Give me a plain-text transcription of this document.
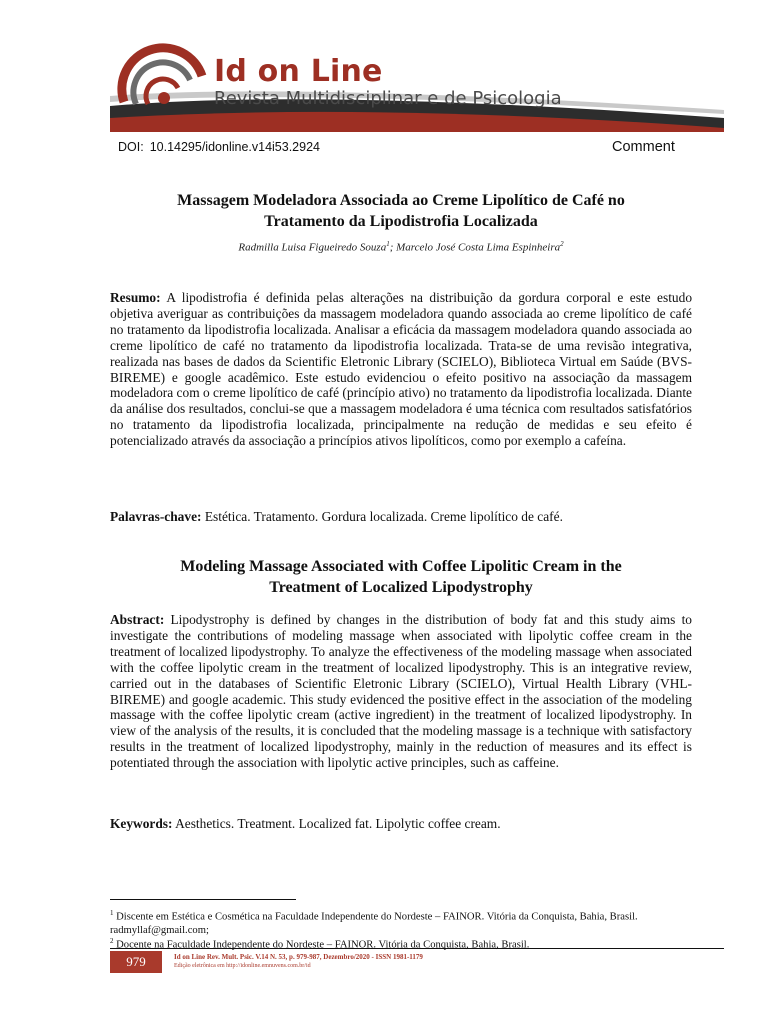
Id on Line
Revista Multidisciplinar e de Psicologia
DOI: 10.14295/idonline.v14i53.2924	Comment
Massagem Modeladora Associada ao Creme Lipolítico de Café no
Tratamento da Lipodistrofia Localizada
Radmilla Luisa Figueiredo Souza$^1$; Marcelo José Costa Lima Espinheira$^2$
Resumo: A lipodistrofia é definida pelas alterações na distribuição da gordura corporal e este estudo objetiva averiguar as contribuições da massagem modeladora quando associada ao creme lipolítico de café no tratamento da lipodistrofia localizada. Analisar a eficácia da massagem modeladora quando associada ao creme lipolítico de café no tratamento da lipodistrofia localizada. Trata-se de uma revisão integrativa, realizada nas bases de dados da Scientific Eletronic Library (SCIELO), Biblioteca Virtual em Saúde (BVS-BIREME) e google acadêmico. Este estudo evidenciou o efeito positivo na associação da massagem modeladora com o creme lipolítico de café (princípio ativo) no tratamento da lipodistrofia localizada. Diante da análise dos resultados, conclui-se que a massagem modeladora é uma técnica com resultados satisfatórios no tratamento da lipodistrofia localizada, principalmente na redução de medidas e seu efeito é potencializado através da associação a princípios ativos lipolíticos, como por exemplo a cafeína.
Palavras-chave: Estética. Tratamento. Gordura localizada. Creme lipolítico de café.
Modeling Massage Associated with Coffee Lipolitic Cream in the
Treatment of Localized Lipodystrophy
Abstract: Lipodystrophy is defined by changes in the distribution of body fat and this study aims to investigate the contributions of modeling massage when associated with lipolytic coffee cream in the treatment of localized lipodystrophy. To analyze the effectiveness of the modeling massage when associated with the coffee lipolytic cream in the treatment of localized lipodystrophy. This is an integrative review, carried out in the databases of Scientific Eletronic Library (SCIELO), Virtual Health Library (VHL-BIREME) and google academic. This study evidenced the positive effect in the association of the modeling massage with the coffee lipolytic cream (active ingredient) in the treatment of localized lipodystrophy. In view of the analysis of the results, it is concluded that the modeling massage is a technique with satisfactory results in the treatment of localized lipodystrophy, mainly in the reduction of measures and its effect is potentiated through the association with lipolytic active principles, such as caffeine.
Keywords: Aesthetics. Treatment. Localized fat. Lipolytic coffee cream.
$^1$ Discente em Estética e Cosmética na Faculdade Independente do Nordeste – FAINOR. Vitória da Conquista, Bahia, Brasil. radmyllaf@gmail.com;
$^2$ Docente na Faculdade Independente do Nordeste – FAINOR. Vitória da Conquista, Bahia, Brasil.
979	Id on Line Rev. Mult. Psic. V.14 N. 53, p. 979-987, Dezembro/2020 - ISSN 1981-1179
Edição eletrônica em http://idonline.emnuvens.com.br/id
